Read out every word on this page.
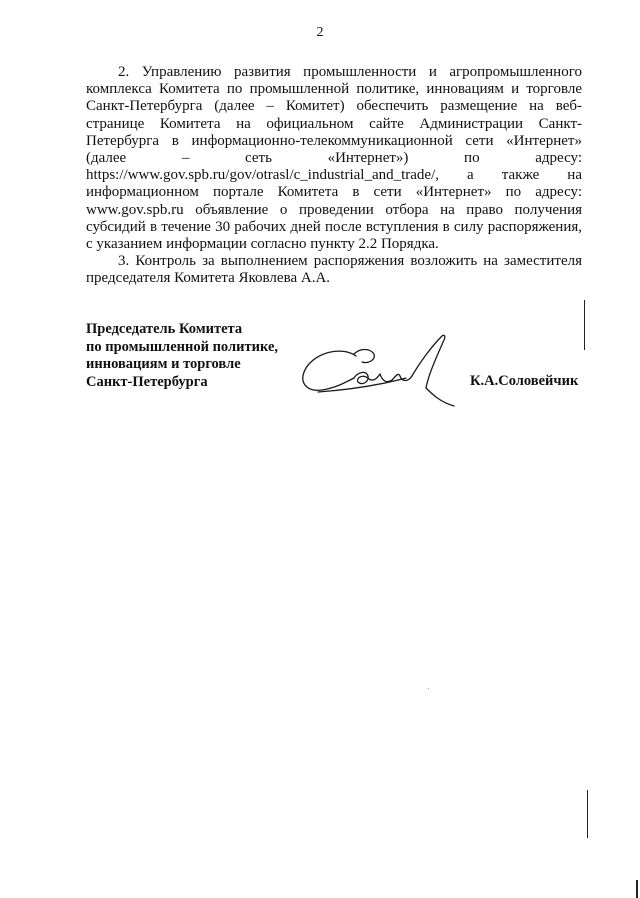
2

2. Управлению развития промышленности и агропромышленного комплекса Комитета по промышленной политике, инновациям и торговле Санкт-Петербурга (далее – Комитет) обеспечить размещение на веб-странице Комитета на официальном сайте Администрации Санкт-Петербурга в информационно-телекоммуникационной сети «Интернет» (далее – сеть «Интернет») по адресу: https://www.gov.spb.ru/gov/otrasl/c_industrial_and_trade/, а также на информационном портале Комитета в сети «Интернет» по адресу: www.gov.spb.ru объявление о проведении отбора на право получения субсидий в течение 30 рабочих дней после вступления в силу распоряжения, с указанием информации согласно пункту 2.2 Порядка.

3. Контроль за выполнением распоряжения возложить на заместителя председателя Комитета Яковлева А.А.

Председатель Комитета
по промышленной политике,
инновациям и торговле
Санкт-Петербурга	К.А.Соловейчик
